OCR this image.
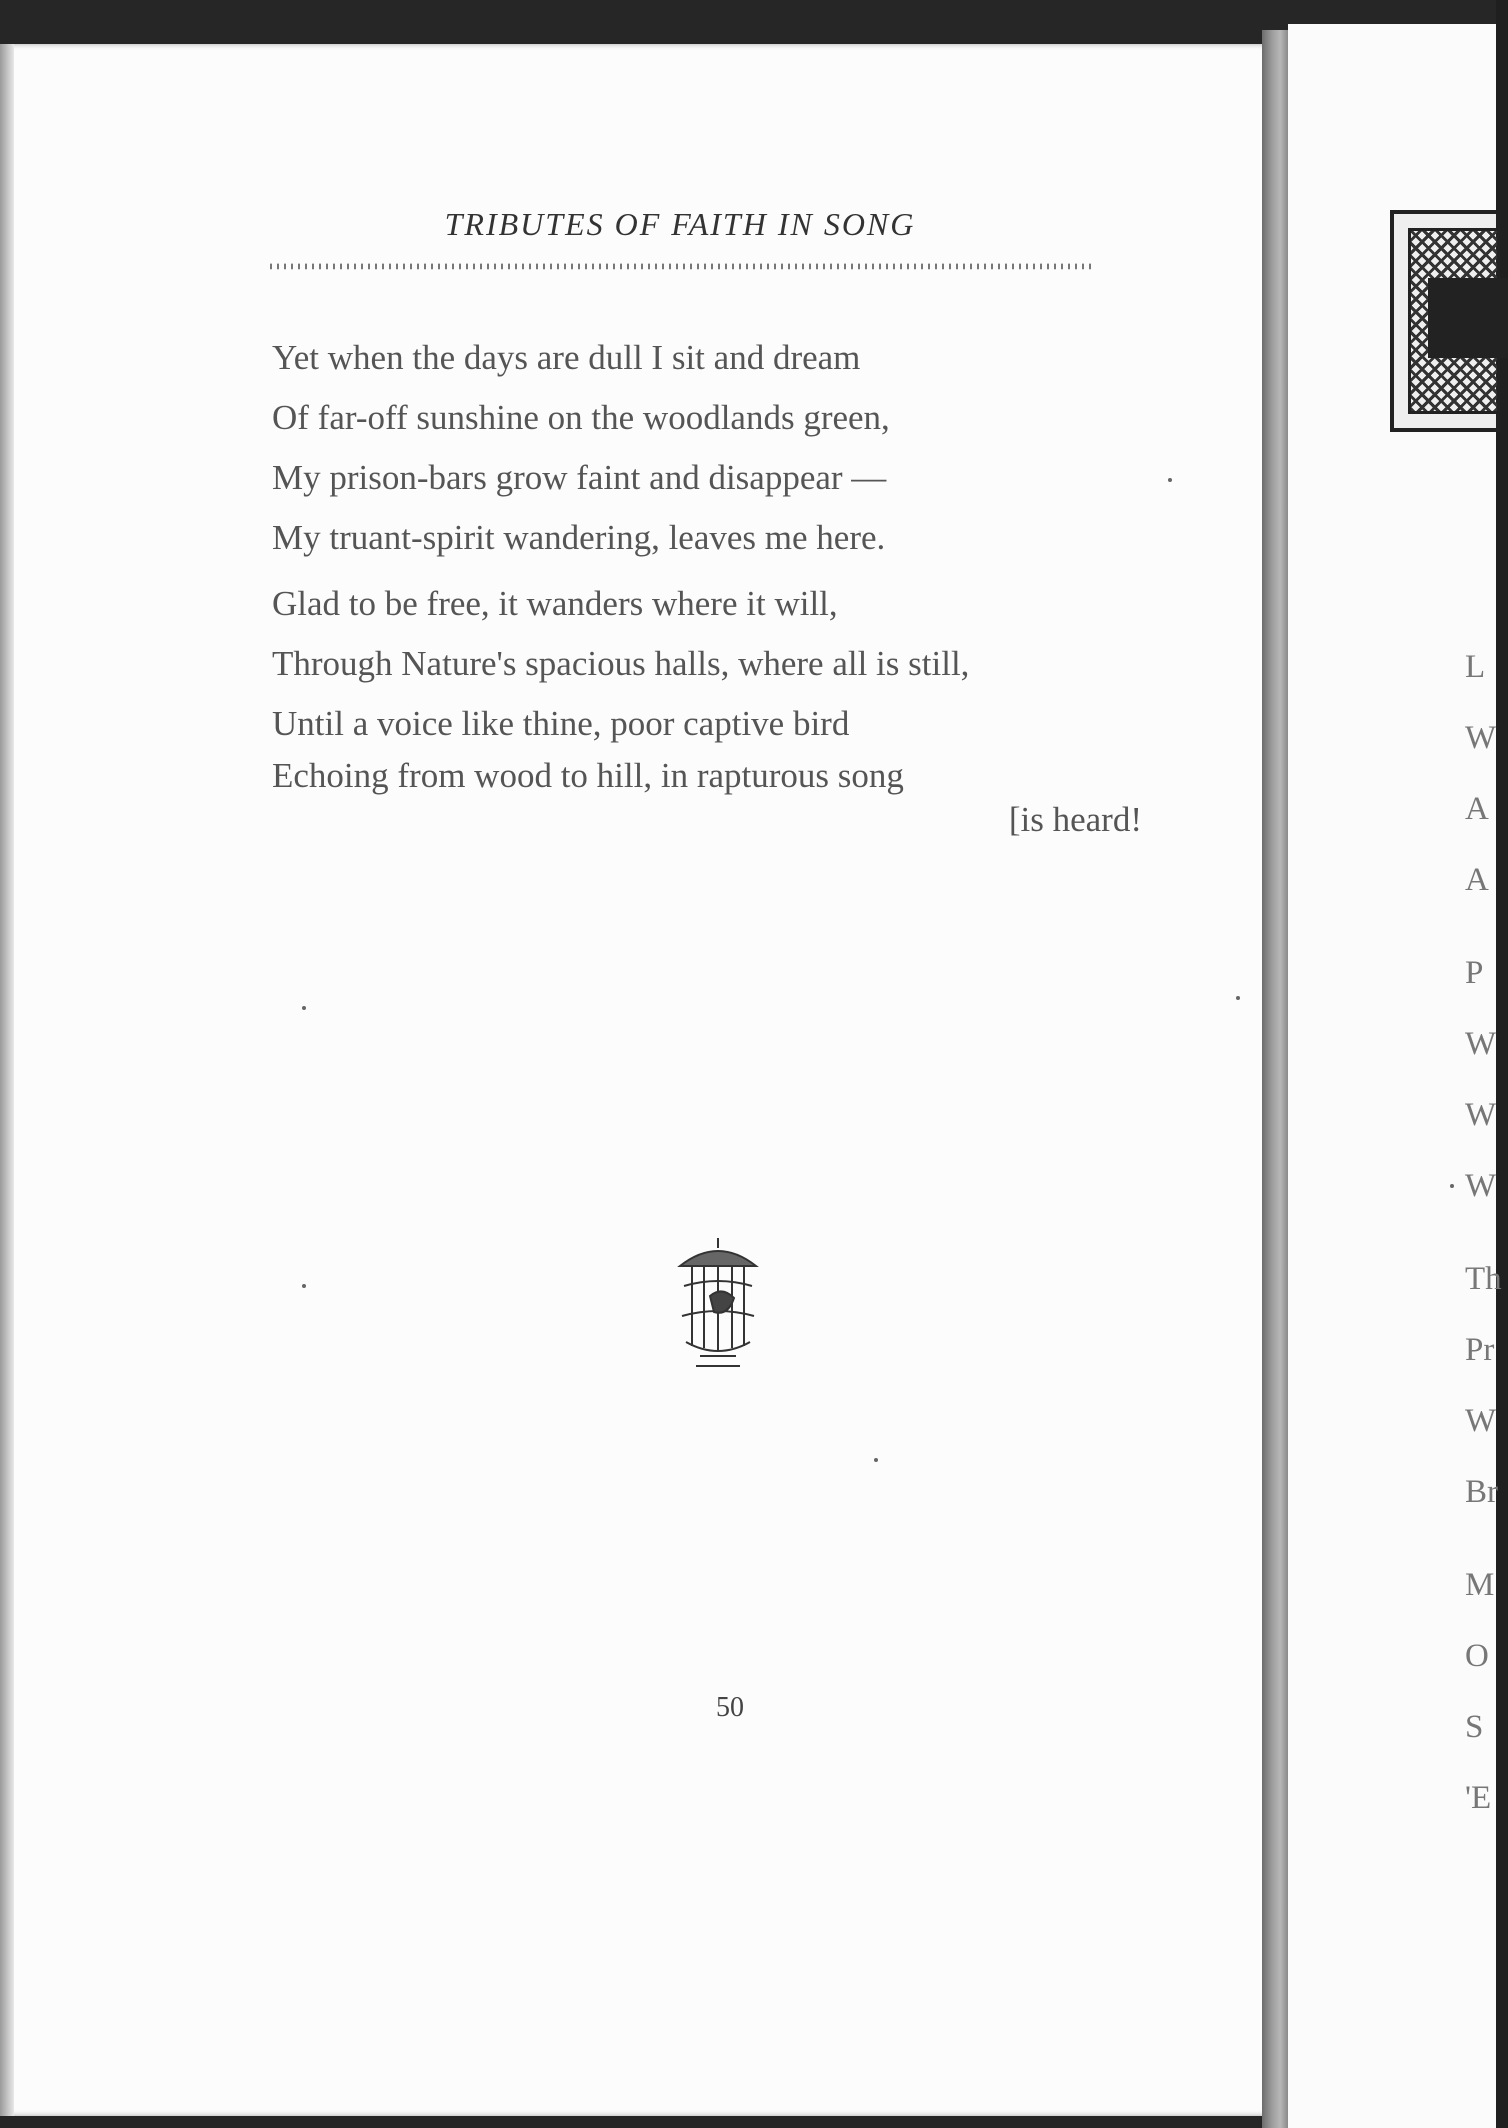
TRIBUTES OF FAITH IN SONG
Yet when the days are dull I sit and dream
Of far-off sunshine on the woodlands green,
My prison-bars grow faint and disappear —
My truant-spirit wandering, leaves me here.
Glad to be free, it wanders where it will,
Through Nature's spacious halls, where all is still,
Until a voice like thine, poor captive bird
Echoing from wood to hill, in rapturous song
[is heard!
50
L
W
A
A
P
W
W
W
Th
Pr
W
Br
M
O
S
'E
